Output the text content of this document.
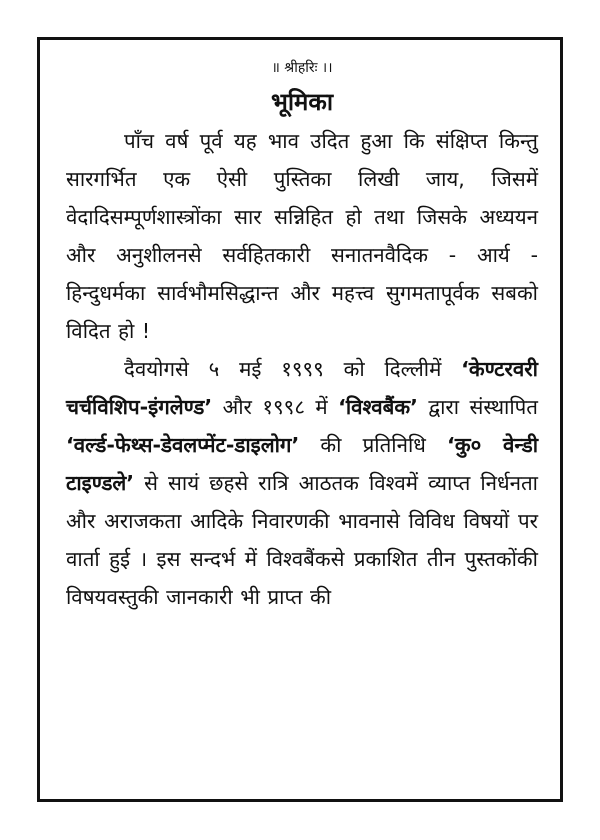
॥ श्रीहरिः ।।
भूमिका

पाँच वर्ष पूर्व यह भाव उदित हुआ कि संक्षिप्त किन्तु सारगर्भित एक ऐसी पुस्तिका लिखी जाय, जिसमें वेदादिसम्पूर्णशास्त्रोंका सार सन्निहित हो तथा जिसके अध्ययन और अनुशीलनसे सर्वहितकारी सनातनवैदिक - आर्य - हिन्दुधर्मका सार्वभौमसिद्धान्त और महत्त्व सुगमतापूर्वक सबको विदित हो !

दैवयोगसे ५ मई १९९९ को दिल्लीमें ‘केण्टरवरी चर्चविशिप-इंगलेण्ड’ और १९९८ में ‘विश्वबैंक’ द्वारा संस्थापित ‘वर्ल्ड-फेथ्स-डेवलप्मेंट-डाइलोग’ की प्रतिनिधि ‘कु० वेन्डी टाइण्डले’ से सायं छहसे रात्रि आठतक विश्वमें व्याप्त निर्धनता और अराजकता आदिके निवारणकी भावनासे विविध विषयों पर वार्ता हुई । इस सन्दर्भ में विश्वबैंकसे प्रकाशित तीन पुस्तकोंकी विषयवस्तुकी जानकारी भी प्राप्त की
